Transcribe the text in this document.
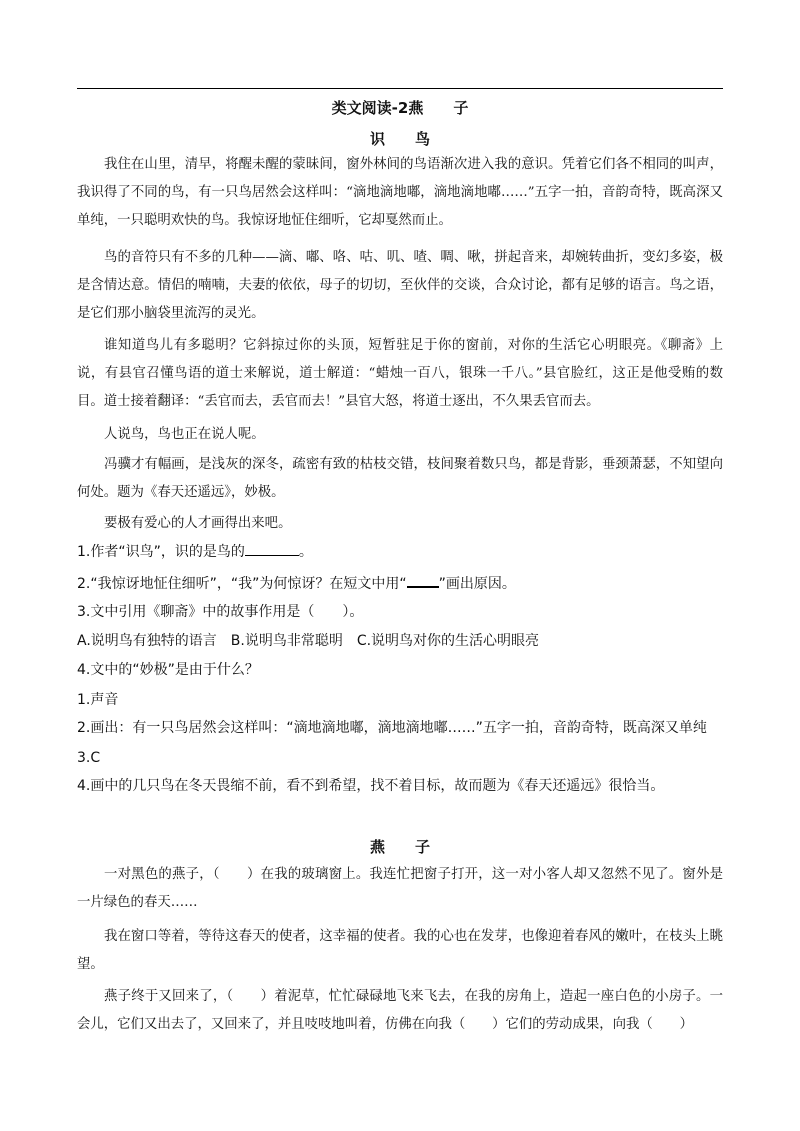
类文阅读-2燕　　子
识　　鸟

我住在山里，清早，将醒未醒的蒙昧间，窗外林间的鸟语渐次进入我的意识。凭着它们各不相同的叫声，我识得了不同的鸟，有一只鸟居然会这样叫：“滴地滴地嘟，滴地滴地嘟……”五字一拍，音韵奇特，既高深又单纯，一只聪明欢快的鸟。我惊讶地怔住细听，它却戛然而止。

鸟的音符只有不多的几种——滴、嘟、咯、咕、叽、喳、啁、啾，拼起音来，却婉转曲折，变幻多姿，极是含情达意。情侣的喃喃，夫妻的依依，母子的切切，至伙伴的交谈，合众讨论，都有足够的语言。鸟之语，是它们那小脑袋里流泻的灵光。

谁知道鸟儿有多聪明？它斜掠过你的头顶，短暂驻足于你的窗前，对你的生活它心明眼亮。《聊斋》上说，有县官召懂鸟语的道士来解说，道士解道：“蜡烛一百八，银珠一千八。”县官脸红，这正是他受贿的数目。道士接着翻译：“丢官而去，丢官而去！”县官大怒，将道士逐出，不久果丢官而去。

人说鸟，鸟也正在说人呢。

冯骥才有幅画，是浅灰的深冬，疏密有致的枯枝交错，枝间聚着数只鸟，都是背影，垂颈萧瑟，不知望向何处。题为《春天还遥远》，妙极。

要极有爱心的人才画得出来吧。

1.作者“识鸟”，识的是鸟的	。
2.“我惊讶地怔住细听”，“我”为何惊讶？在短文中用“ ”画出原因。
3.文中引用《聊斋》中的故事作用是（　　）。
A.说明鸟有独特的语言　B.说明鸟非常聪明　C.说明鸟对你的生活心明眼亮
4.文中的“妙极”是由于什么？
1.声音
2.画出：有一只鸟居然会这样叫：“滴地滴地嘟，滴地滴地嘟……”五字一拍，音韵奇特，既高深又单纯
3.C
4.画中的几只鸟在冬天畏缩不前，看不到希望，找不着目标，故而题为《春天还遥远》很恰当。
燕　　子

一对黑色的燕子，（　　）在我的玻璃窗上。我连忙把窗子打开，这一对小客人却又忽然不见了。窗外是一片绿色的春天……

我在窗口等着，等待这春天的使者，这幸福的使者。我的心也在发芽，也像迎着春风的嫩叶，在枝头上眺望。

燕子终于又回来了，（　　）着泥草，忙忙碌碌地飞来飞去，在我的房角上，造起一座白色的小房子。一会儿，它们又出去了，又回来了，并且吱吱地叫着，仿佛在向我（　　）它们的劳动成果，向我（　　）
